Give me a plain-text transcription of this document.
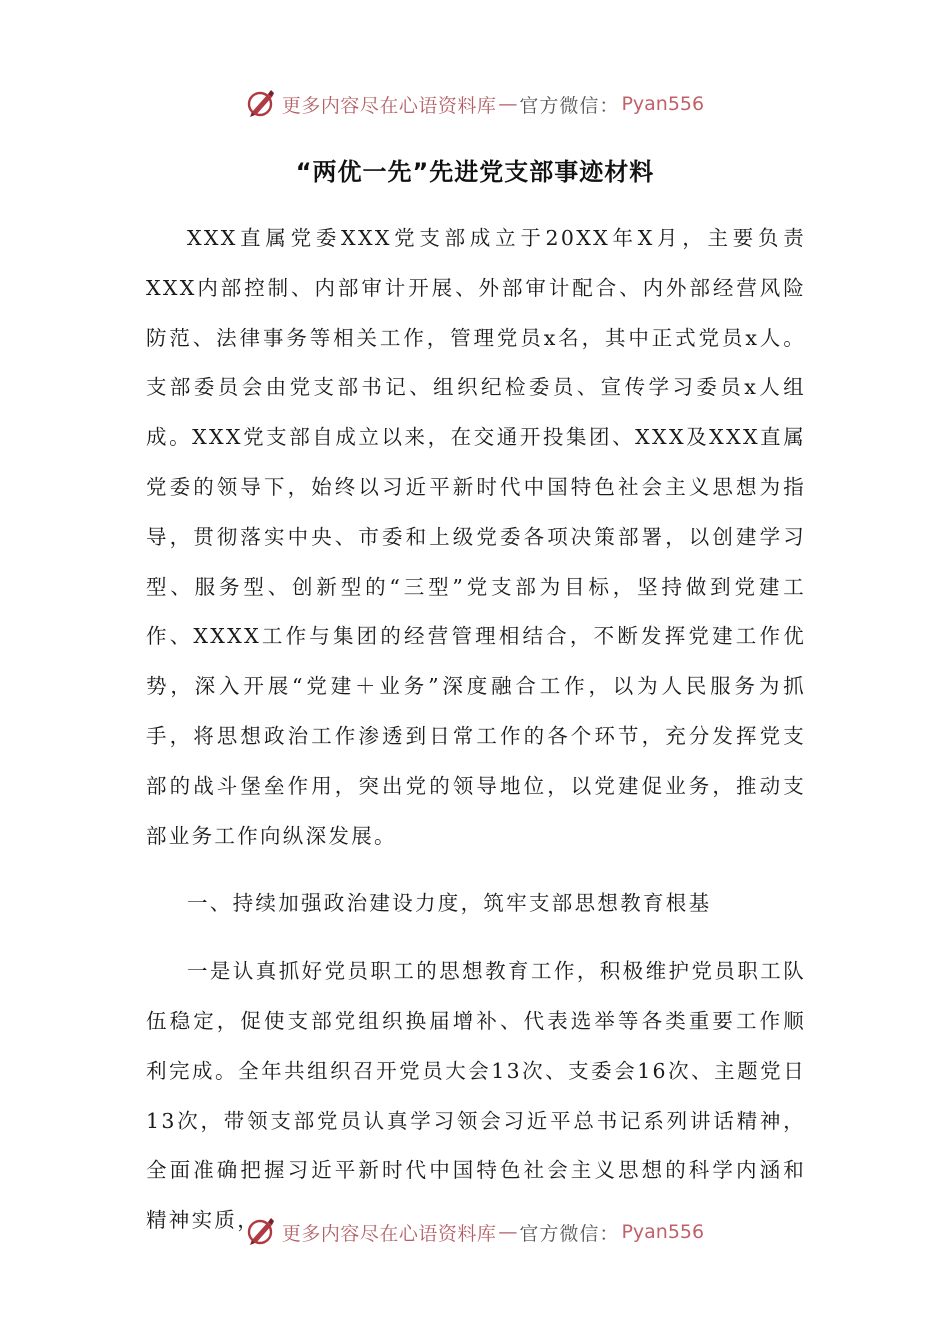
更多内容尽在心语资料库 — 官方微信： Pyan556
“两优一先”先进党支部事迹材料

XXX直属党委XXX党支部成立于20XX年X月，主要负责XXX内部控制、内部审计开展、外部审计配合、内外部经营风险防范、法律事务等相关工作，管理党员x名，其中正式党员x人。支部委员会由党支部书记、组织纪检委员、宣传学习委员x人组成。XXX党支部自成立以来，在交通开投集团、XXX及XXX直属党委的领导下，始终以习近平新时代中国特色社会主义思想为指导，贯彻落实中央、市委和上级党委各项决策部署，以创建学习型、服务型、创新型的“三型”党支部为目标，坚持做到党建工作、XXXX工作与集团的经营管理相结合，不断发挥党建工作优势，深入开展“党建＋业务”深度融合工作，以为人民服务为抓手，将思想政治工作渗透到日常工作的各个环节，充分发挥党支部的战斗堡垒作用，突出党的领导地位，以党建促业务，推动支部业务工作向纵深发展。

一、持续加强政治建设力度，筑牢支部思想教育根基

一是认真抓好党员职工的思想教育工作，积极维护党员职工队伍稳定，促使支部党组织换届增补、代表选举等各类重要工作顺利完成。全年共组织召开党员大会13次、支委会16次、主题党日13次，带领支部党员认真学习领会习近平总书记系列讲话精神，全面准确把握习近平新时代中国特色社会主义思想的科学内涵和精神实质，

更多内容尽在心语资料库 — 官方微信： Pyan556
